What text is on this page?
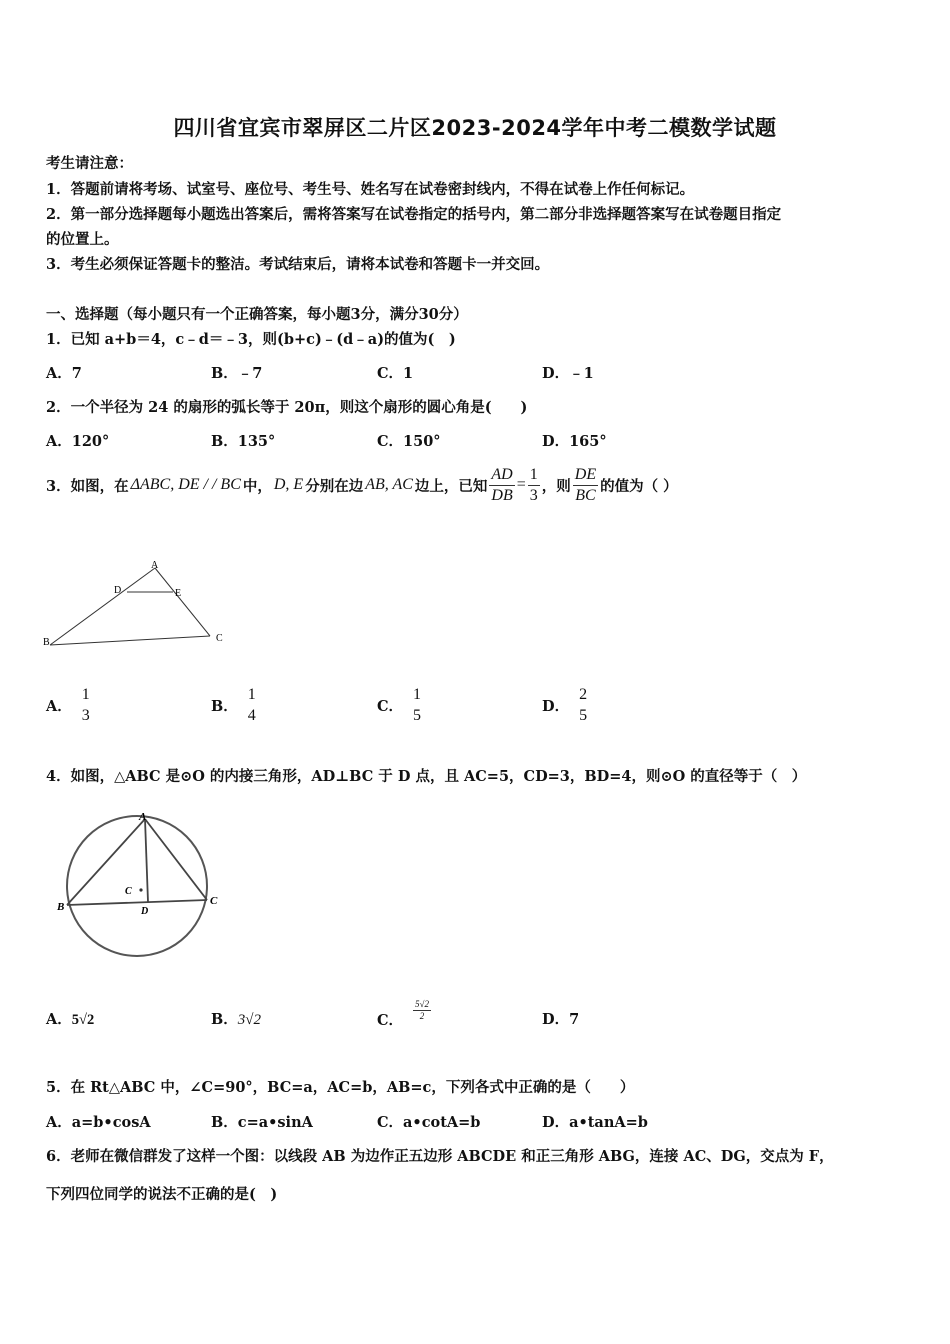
四川省宜宾市翠屏区二片区2023-2024学年中考二模数学试题
考生请注意：
1．答题前请将考场、试室号、座位号、考生号、姓名写在试卷密封线内，不得在试卷上作任何标记。
2．第一部分选择题每小题选出答案后，需将答案写在试卷指定的括号内，第二部分非选择题答案写在试卷题目指定
的位置上。
3．考生必须保证答题卡的整洁。考试结束后，请将本试卷和答题卡一并交回。
一、选择题（每小题只有一个正确答案，每小题3分，满分30分）
1．已知 a+b＝4，c﹣d＝﹣3，则(b+c)﹣(d﹣a)的值为(　)
A．7	B．﹣7	C．1	D．﹣1
2．一个半径为 24 的扇形的弧长等于 20π，则这个扇形的圆心角是(　　)
A．120°	B．135°	C．150°	D．165°
3．如图，在 ΔABC, DE / / BC 中， D, E 分别在边 AB, AC 边上，已知 $\frac{AD}{DB} = \frac{1}{3}$ ，则 $\frac{DE}{BC}$ 的值为（ ）
A
D	E
B	C
A． $\frac{1}{3}$	B． $\frac{1}{4}$	C． $\frac{1}{5}$	D． $\frac{2}{5}$
4．如图，△ABC 是⊙O 的内接三角形，AD⊥BC 于 D 点，且 AC=5，CD=3，BD=4，则⊙O 的直径等于（　）
A
B	C
D
C
A．5√2	B．3√2	C． $\frac{5√2}{2}$	D．7
5．在 Rt△ABC 中，∠C=90°，BC=a，AC=b，AB=c，下列各式中正确的是（　　）
A．a=b•cosA	B．c=a•sinA	C．a•cotA=b	D．a•tanA=b
6．老师在微信群发了这样一个图：以线段 AB 为边作正五边形 ABCDE 和正三角形 ABG，连接 AC、DG，交点为 F，
下列四位同学的说法不正确的是(　)
